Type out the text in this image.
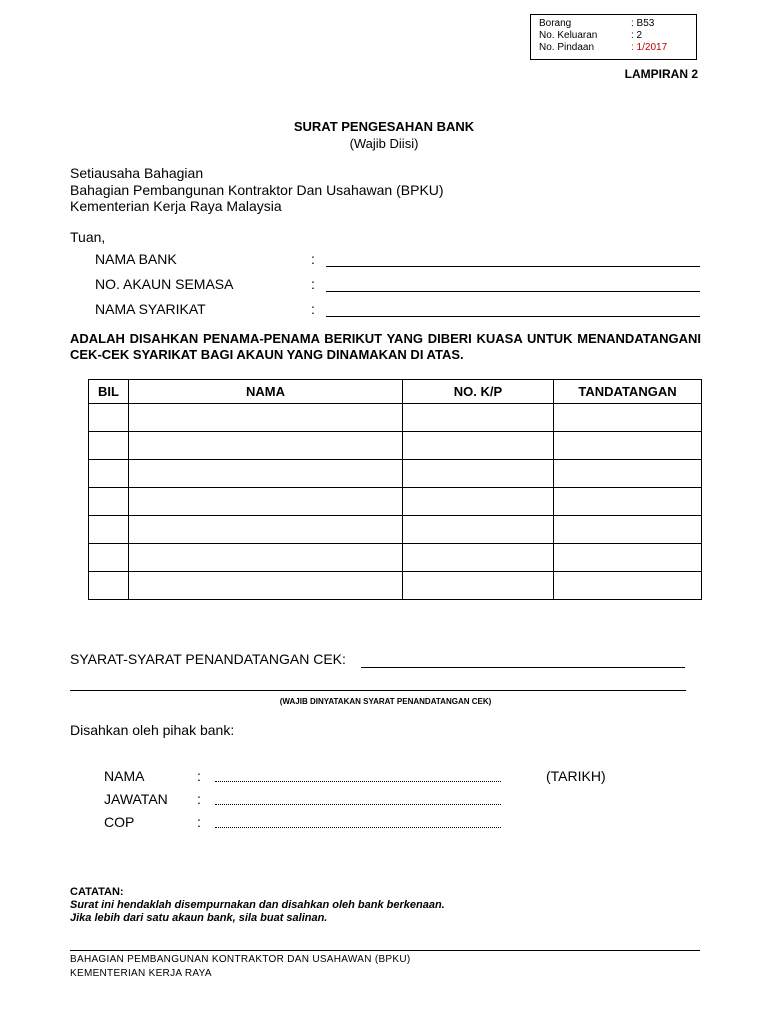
Borang	: B53
No. Keluaran	: 2
No. Pindaan	: 1/2017
LAMPIRAN 2
SURAT PENGESAHAN BANK
(Wajib Diisi)
Setiausaha Bahagian
Bahagian Pembangunan Kontraktor Dan Usahawan (BPKU)
Kementerian Kerja Raya Malaysia
Tuan,
NAMA BANK	:
NO. AKAUN SEMASA	:
NAMA SYARIKAT	:
ADALAH DISAHKAN PENAMA-PENAMA BERIKUT YANG DIBERI KUASA UNTUK MENANDATANGANI CEK-CEK SYARIKAT BAGI AKAUN YANG DINAMAKAN DI ATAS.
BIL	NAMA	NO. K/P	TANDATANGAN

SYARAT-SYARAT PENANDATANGAN CEK:
(WAJIB DINYATAKAN SYARAT PENANDATANGAN CEK)
Disahkan oleh pihak bank:
NAMA	:	(TARIKH)
JAWATAN :
COP	:
CATATAN:
Surat ini hendaklah disempurnakan dan disahkan oleh bank berkenaan.
Jika lebih dari satu akaun bank, sila buat salinan.
BAHAGIAN PEMBANGUNAN KONTRAKTOR DAN USAHAWAN (BPKU)
KEMENTERIAN KERJA RAYA
